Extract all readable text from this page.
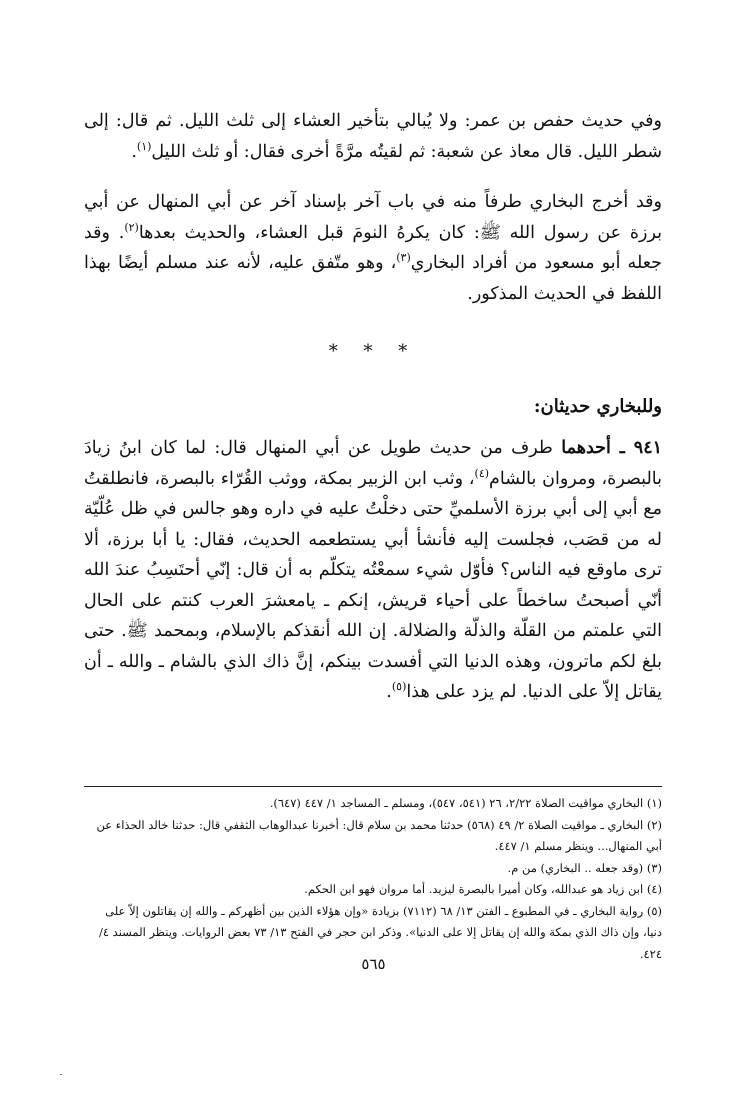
وفي حديث حفص بن عمر: ولا يُبالي بتأخير العشاء إلى ثلث الليل. ثم قال: إلى شطر الليل. قال معاذ عن شعبة: ثم لقيتُه مرَّةً أخرى فقال: أو ثلث الليل$^{(١)}$.

وقد أخرج البخاري طرفاً منه في باب آخر بإسناد آخر عن أبي المنهال عن أبي برزة عن رسول الله ﷺ: كان يكرهُ النومَ قبل العشاء، والحديث بعدها$^{(٢)}$. وقد جعله أبو مسعود من أفراد البخاري$^{(٣)}$، وهو متّفق عليه، لأنه عند مسلم أيضًا بهذا اللفظ في الحديث المذكور.

* * *
وللبخاري حديثان:

٩٤١ ـ أحدهما طرف من حديث طويل عن أبي المنهال قال: لما كان ابنُ زيادَ بالبصرة، ومروان بالشام$^{(٤)}$، وثب ابن الزبير بمكة، ووثب القُرّاء بالبصرة، فانطلقتُ مع أبي إلى أبي برزة الأسلميِّ حتى دخلْتُ عليه في داره وهو جالس في ظل عُلّيّة له من قصَب، فجلست إليه فأنشأ أبي يستطعمه الحديث، فقال: يا أبا برزة، ألا ترى ماوقع فيه الناس؟ فأوّل شيء سمعْتُه يتكلّم به أن قال: إنّي أحتَسِبُ عندَ الله أنّي أصبحتُ ساخطاً على أحياء قريش، إنكم ـ يامعشرَ العرب كنتم على الحال التي علمتم من القلّة والذلّة والضلالة. إن الله أنقذكم بالإسلام، وبمحمد ﷺ. حتى بلغ لكم ماترون، وهذه الدنيا التي أفسدت بينكم، إنَّ ذاك الذي بالشام ـ والله ـ أن يقاتل إلاّ على الدنيا. لم يزد على هذا$^{(٥)}$.

(١) البخاري مواقيت الصلاة ٢/٢٢، ٢٦ (٥٤١، ٥٤٧)، ومسلم ـ المساجد ١/ ٤٤٧ (٦٤٧).

(٢) البخاري ـ مواقيت الصلاة ٢/ ٤٩ (٥٦٨) حدثنا محمد بن سلام قال: أخبرنا عبدالوهاب الثقفي قال: حدثنا خالد الحذاء عن أبي المنهال... وينظر مسلم ١/ ٤٤٧.

(٣) (وقد جعله .. البخاري) من م.

(٤) ابن زياد هو عبدالله، وكان أميرا بالبصرة ليزيد. أما مروان فهو ابن الحكم.

(٥) رواية البخاري ـ في المطبوع ـ الفتن ١٣/ ٦٨ (٧١١٢) بزيادة «وإن هؤلاء الذين بين أظهركم ـ والله إن يقاتلون إلاّ على دنيا، وإن ذاك الذي بمكة والله إن يقاتل إلا على الدنيا». وذكر ابن حجر في الفتح ١٣/ ٧٣ بعض الروايات. وينظر المسند ٤/ ٤٢٤.

٥٦٥
